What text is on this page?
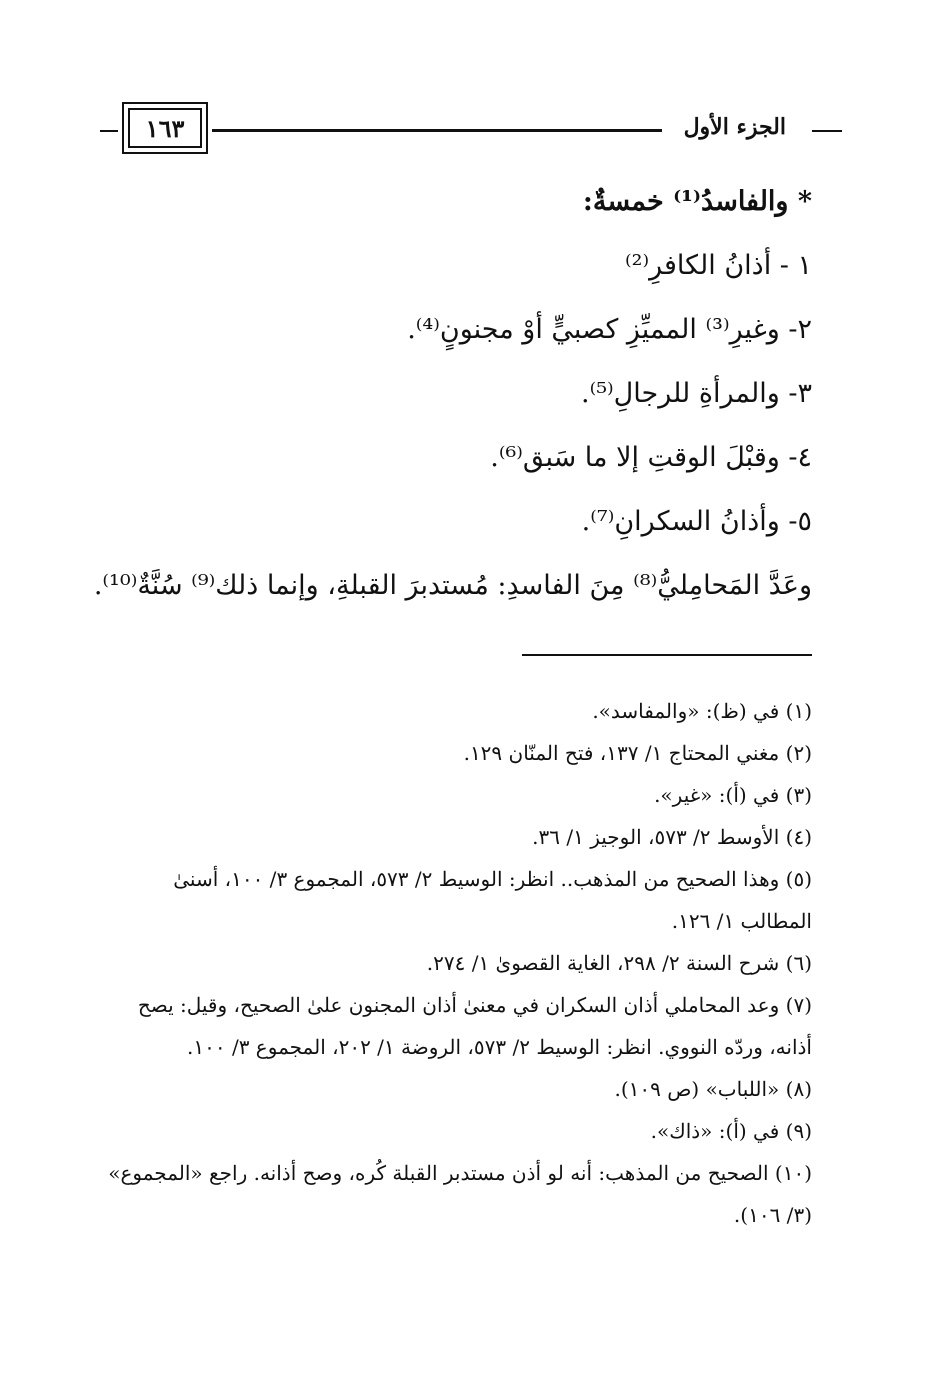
١٦٣	الجزء الأول
* والفاسدُ⁽¹⁾ خمسةٌ:
١ - أذانُ الكافرِ⁽²⁾
٢- وغيرِ⁽³⁾ المميِّزِ كصبيٍّ أوْ مجنونٍ⁽⁴⁾.
٣- والمرأةِ للرجالِ⁽⁵⁾.
٤- وقبْلَ الوقتِ إلا ما سَبق⁽⁶⁾.
٥- وأذانُ السكرانِ⁽⁷⁾.
وعَدَّ المَحامِليُّ⁽⁸⁾ مِنَ الفاسدِ: مُستدبرَ القبلةِ، وإنما ذلك⁽⁹⁾ سُنَّةٌ⁽¹⁰⁾.
(١) في (ظ): «والمفاسد».
(٢) مغني المحتاج ١/ ١٣٧، فتح المنّان ١٢٩.
(٣) في (أ): «غير».
(٤) الأوسط ٢/ ٥٧٣، الوجيز ١/ ٣٦.
(٥) وهذا الصحيح من المذهب.. انظر: الوسيط ٢/ ٥٧٣، المجموع ٣/ ١٠٠، أسنىٰ المطالب ١/ ١٢٦.
(٦) شرح السنة ٢/ ٢٩٨، الغاية القصوىٰ ١/ ٢٧٤.
(٧) وعد المحاملي أذان السكران في معنىٰ أذان المجنون علىٰ الصحيح، وقيل: يصح أذانه، وردّه النووي. انظر: الوسيط ٢/ ٥٧٣، الروضة ١/ ٢٠٢، المجموع ٣/ ١٠٠.
(٨) «اللباب» (ص ١٠٩).
(٩) في (أ): «ذاك».
(١٠) الصحيح من المذهب: أنه لو أذن مستدبر القبلة كُره، وصح أذانه. راجع «المجموع» (٣/ ١٠٦).
